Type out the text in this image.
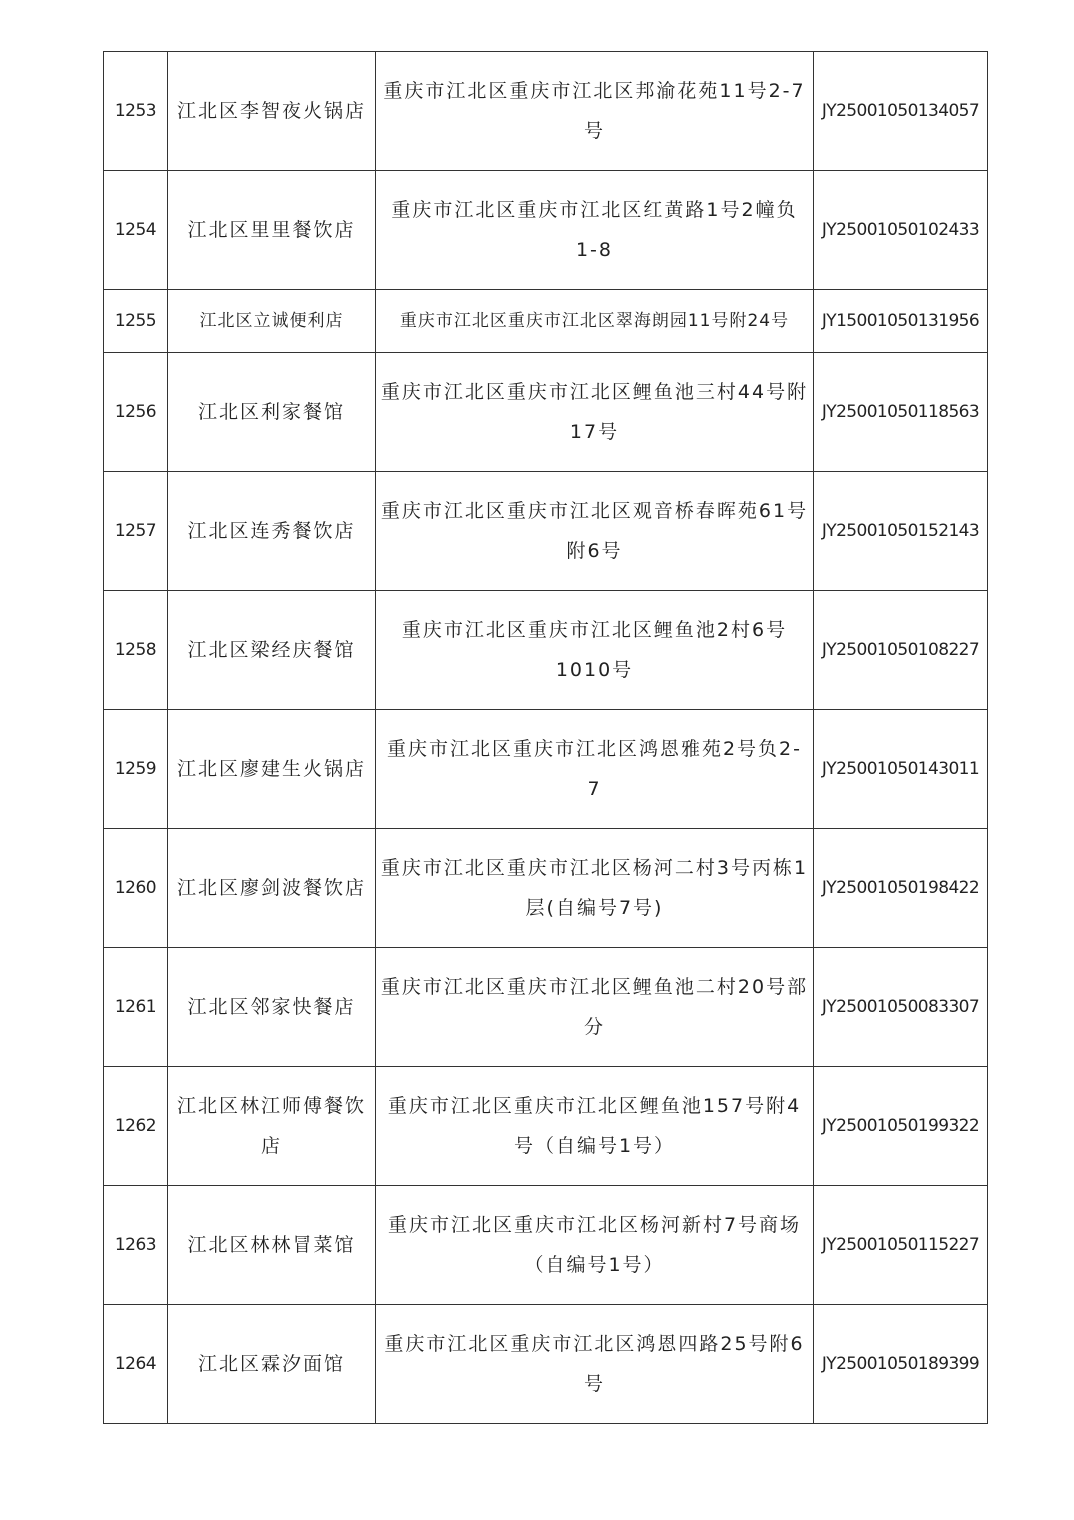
1253	江北区李智夜火锅店	重庆市江北区重庆市江北区邦渝花苑11号2-7号	JY25001050134057
1254	江北区里里餐饮店	重庆市江北区重庆市江北区红黄路1号2幢负1-8	JY25001050102433
1255	江北区立诚便利店	重庆市江北区重庆市江北区翠海朗园11号附24号	JY15001050131956
1256	江北区利家餐馆	重庆市江北区重庆市江北区鲤鱼池三村44号附17号	JY25001050118563
1257	江北区连秀餐饮店	重庆市江北区重庆市江北区观音桥春晖苑61号附6号	JY25001050152143
1258	江北区梁经庆餐馆	重庆市江北区重庆市江北区鲤鱼池2村6号1010号	JY25001050108227
1259	江北区廖建生火锅店	重庆市江北区重庆市江北区鸿恩雅苑2号负2-7	JY25001050143011
1260	江北区廖剑波餐饮店	重庆市江北区重庆市江北区杨河二村3号丙栋1层(自编号7号)	JY25001050198422
1261	江北区邻家快餐店	重庆市江北区重庆市江北区鲤鱼池二村20号部分	JY25001050083307
1262	江北区林江师傅餐饮店	重庆市江北区重庆市江北区鲤鱼池157号附4号（自编号1号）	JY25001050199322
1263	江北区林林冒菜馆	重庆市江北区重庆市江北区杨河新村7号商场（自编号1号）	JY25001050115227
1264	江北区霖汐面馆	重庆市江北区重庆市江北区鸿恩四路25号附6号	JY25001050189399
